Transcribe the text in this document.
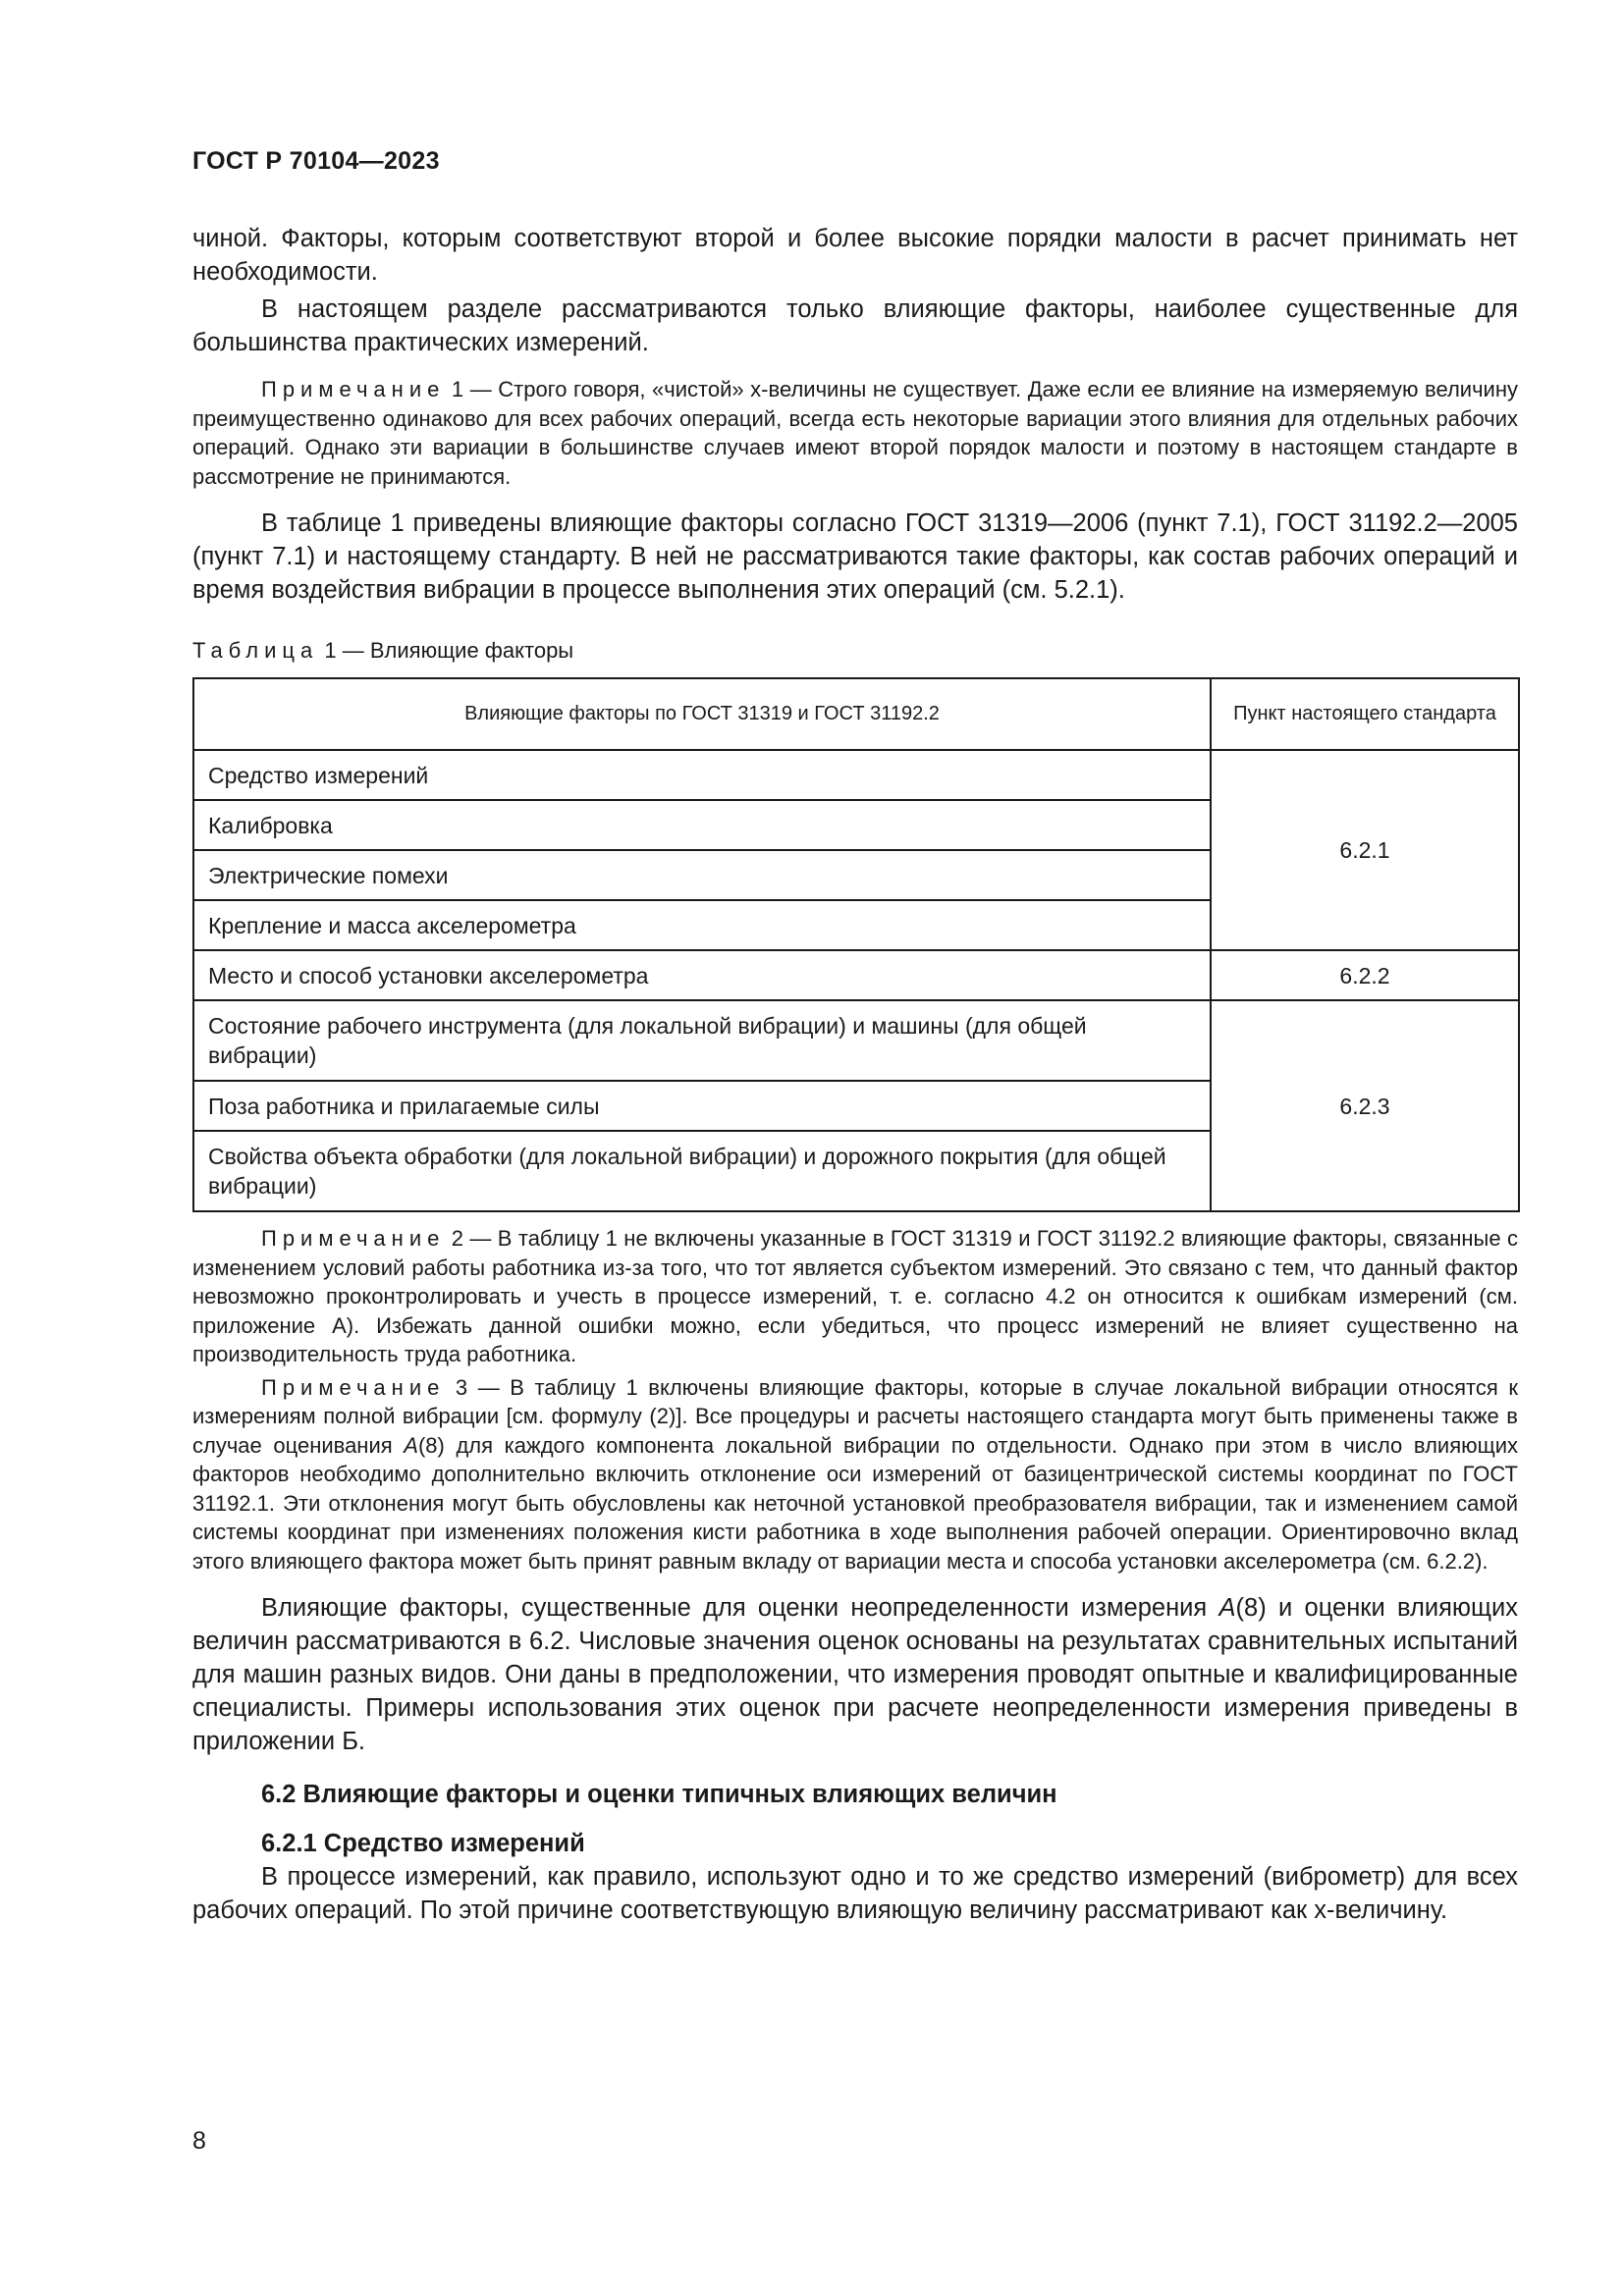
ГОСТ Р 70104—2023

чиной. Факторы, которым соответствуют второй и более высокие порядки малости в расчет принимать нет необходимости.

В настоящем разделе рассматриваются только влияющие факторы, наиболее существенные для большинства практических измерений.

Примечание 1 — Строго говоря, «чистой» х-величины не существует. Даже если ее влияние на измеряемую величину преимущественно одинаково для всех рабочих операций, всегда есть некоторые вариации этого влияния для отдельных рабочих операций. Однако эти вариации в большинстве случаев имеют второй порядок малости и поэтому в настоящем стандарте в рассмотрение не принимаются.

В таблице 1 приведены влияющие факторы согласно ГОСТ 31319—2006 (пункт 7.1), ГОСТ 31192.2—2005 (пункт 7.1) и настоящему стандарту. В ней не рассматриваются такие факторы, как состав рабочих операций и время воздействия вибрации в процессе выполнения этих операций (см. 5.2.1).

Таблица 1 — Влияющие факторы

Влияющие факторы по ГОСТ 31319 и ГОСТ 31192.2	Пункт настоящего стандарта
Средство измерений	6.2.1
Калибровка	
Электрические помехи	
Крепление и масса акселерометра	
Место и способ установки акселерометра	6.2.2
Состояние рабочего инструмента (для локальной вибрации) и машины (для общей вибрации)	6.2.3
Поза работника и прилагаемые силы	
Свойства объекта обработки (для локальной вибрации) и дорожного покрытия (для общей вибрации)	

Примечание 2 — В таблицу 1 не включены указанные в ГОСТ 31319 и ГОСТ 31192.2 влияющие факторы, связанные с изменением условий работы работника из-за того, что тот является субъектом измерений. Это связано с тем, что данный фактор невозможно проконтролировать и учесть в процессе измерений, т. е. согласно 4.2 он относится к ошибкам измерений (см. приложение А). Избежать данной ошибки можно, если убедиться, что процесс измерений не влияет существенно на производительность труда работника.

Примечание 3 — В таблицу 1 включены влияющие факторы, которые в случае локальной вибрации относятся к измерениям полной вибрации [см. формулу (2)]. Все процедуры и расчеты настоящего стандарта могут быть применены также в случае оценивания A(8) для каждого компонента локальной вибрации по отдельности. Однако при этом в число влияющих факторов необходимо дополнительно включить отклонение оси измерений от базицентрической системы координат по ГОСТ 31192.1. Эти отклонения могут быть обусловлены как неточной установкой преобразователя вибрации, так и изменением самой системы координат при изменениях положения кисти работника в ходе выполнения рабочей операции. Ориентировочно вклад этого влияющего фактора может быть принят равным вкладу от вариации места и способа установки акселерометра (см. 6.2.2).

Влияющие факторы, существенные для оценки неопределенности измерения A(8) и оценки влияющих величин рассматриваются в 6.2. Числовые значения оценок основаны на результатах сравнительных испытаний для машин разных видов. Они даны в предположении, что измерения проводят опытные и квалифицированные специалисты. Примеры использования этих оценок при расчете неопределенности измерения приведены в приложении Б.

6.2 Влияющие факторы и оценки типичных влияющих величин

6.2.1 Средство измерений

В процессе измерений, как правило, используют одно и то же средство измерений (виброметр) для всех рабочих операций. По этой причине соответствующую влияющую величину рассматривают как х-величину.

8
